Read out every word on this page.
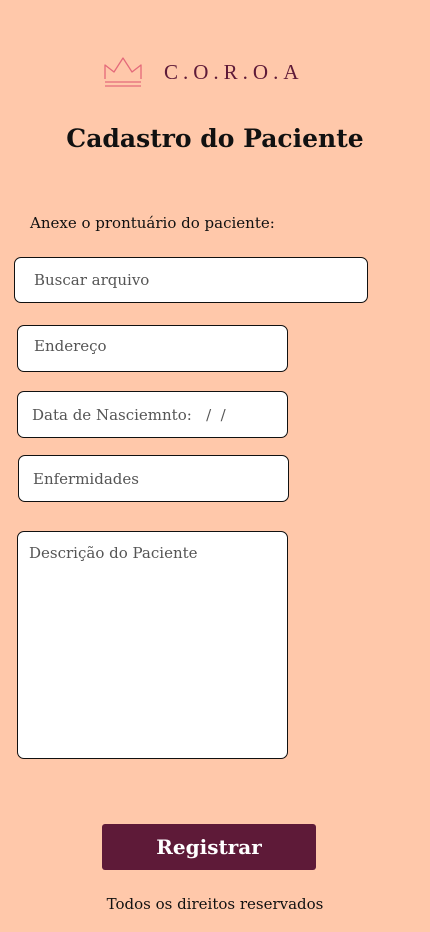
C.O.R.O.A
Cadastro do Paciente
Anexe o prontuário do paciente:
Buscar arquivo
Endereço
Data de Nasciemnto: / /
Enfermidades
Descrição do Paciente
Registrar
Todos os direitos reservados
